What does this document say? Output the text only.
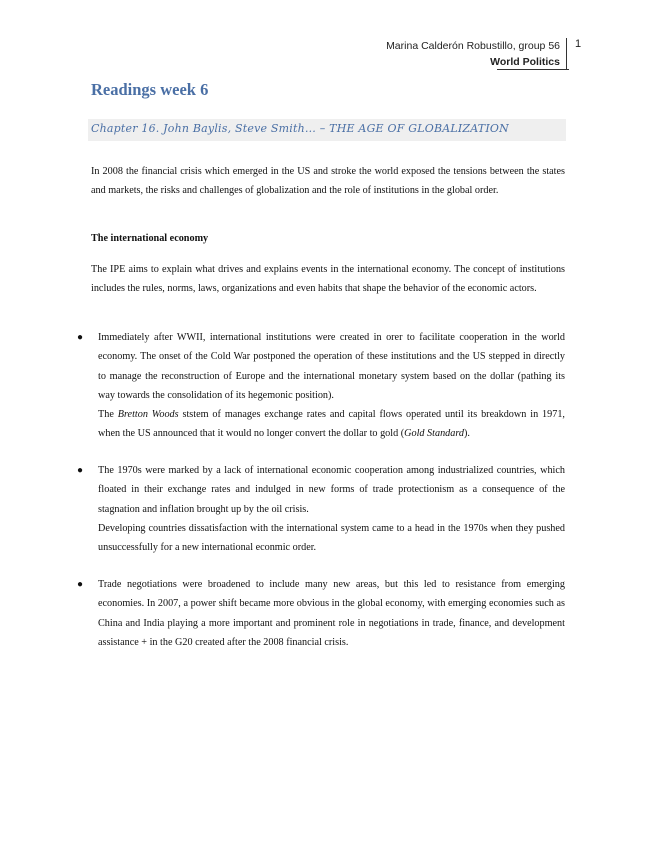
Marina Calderón Robustillo, group 56
World Politics
1
Readings week 6
Chapter 16. John Baylis, Steve Smith… – THE AGE OF GLOBALIZATION
In 2008 the financial crisis which emerged in the US and stroke the world exposed the tensions between the states and markets, the risks and challenges of globalization and the role of institutions in the global order.
The international economy
The IPE aims to explain what drives and explains events in the international economy. The concept of institutions includes the rules, norms, laws, organizations and even habits that shape the behavior of the economic actors.
● Immediately after WWII, international institutions were created in orer to facilitate cooperation in the world economy. The onset of the Cold War postponed the operation of these institutions and the US stepped in directly to manage the reconstruction of Europe and the international monetary system based on the dollar (pathing its way towards the consolidation of its hegemonic position).

The Bretton Woods ststem of manages exchange rates and capital flows operated until its breakdown in 1971, when the US announced that it would no longer convert the dollar to gold (Gold Standard).

● The 1970s were marked by a lack of international economic cooperation among industrialized countries, which floated in their exchange rates and indulged in new forms of trade protectionism as a consequence of the stagnation and inflation brought up by the oil crisis.

Developing countries dissatisfaction with the international system came to a head in the 1970s when they pushed unsuccessfully for a new international econmic order.

● Trade negotiations were broadened to include many new areas, but this led to resistance from emerging economies. In 2007, a power shift became more obvious in the global economy, with emerging economies such as China and India playing a more important and prominent role in negotiations in trade, finance, and development assistance + in the G20 created after the 2008 financial crisis.
